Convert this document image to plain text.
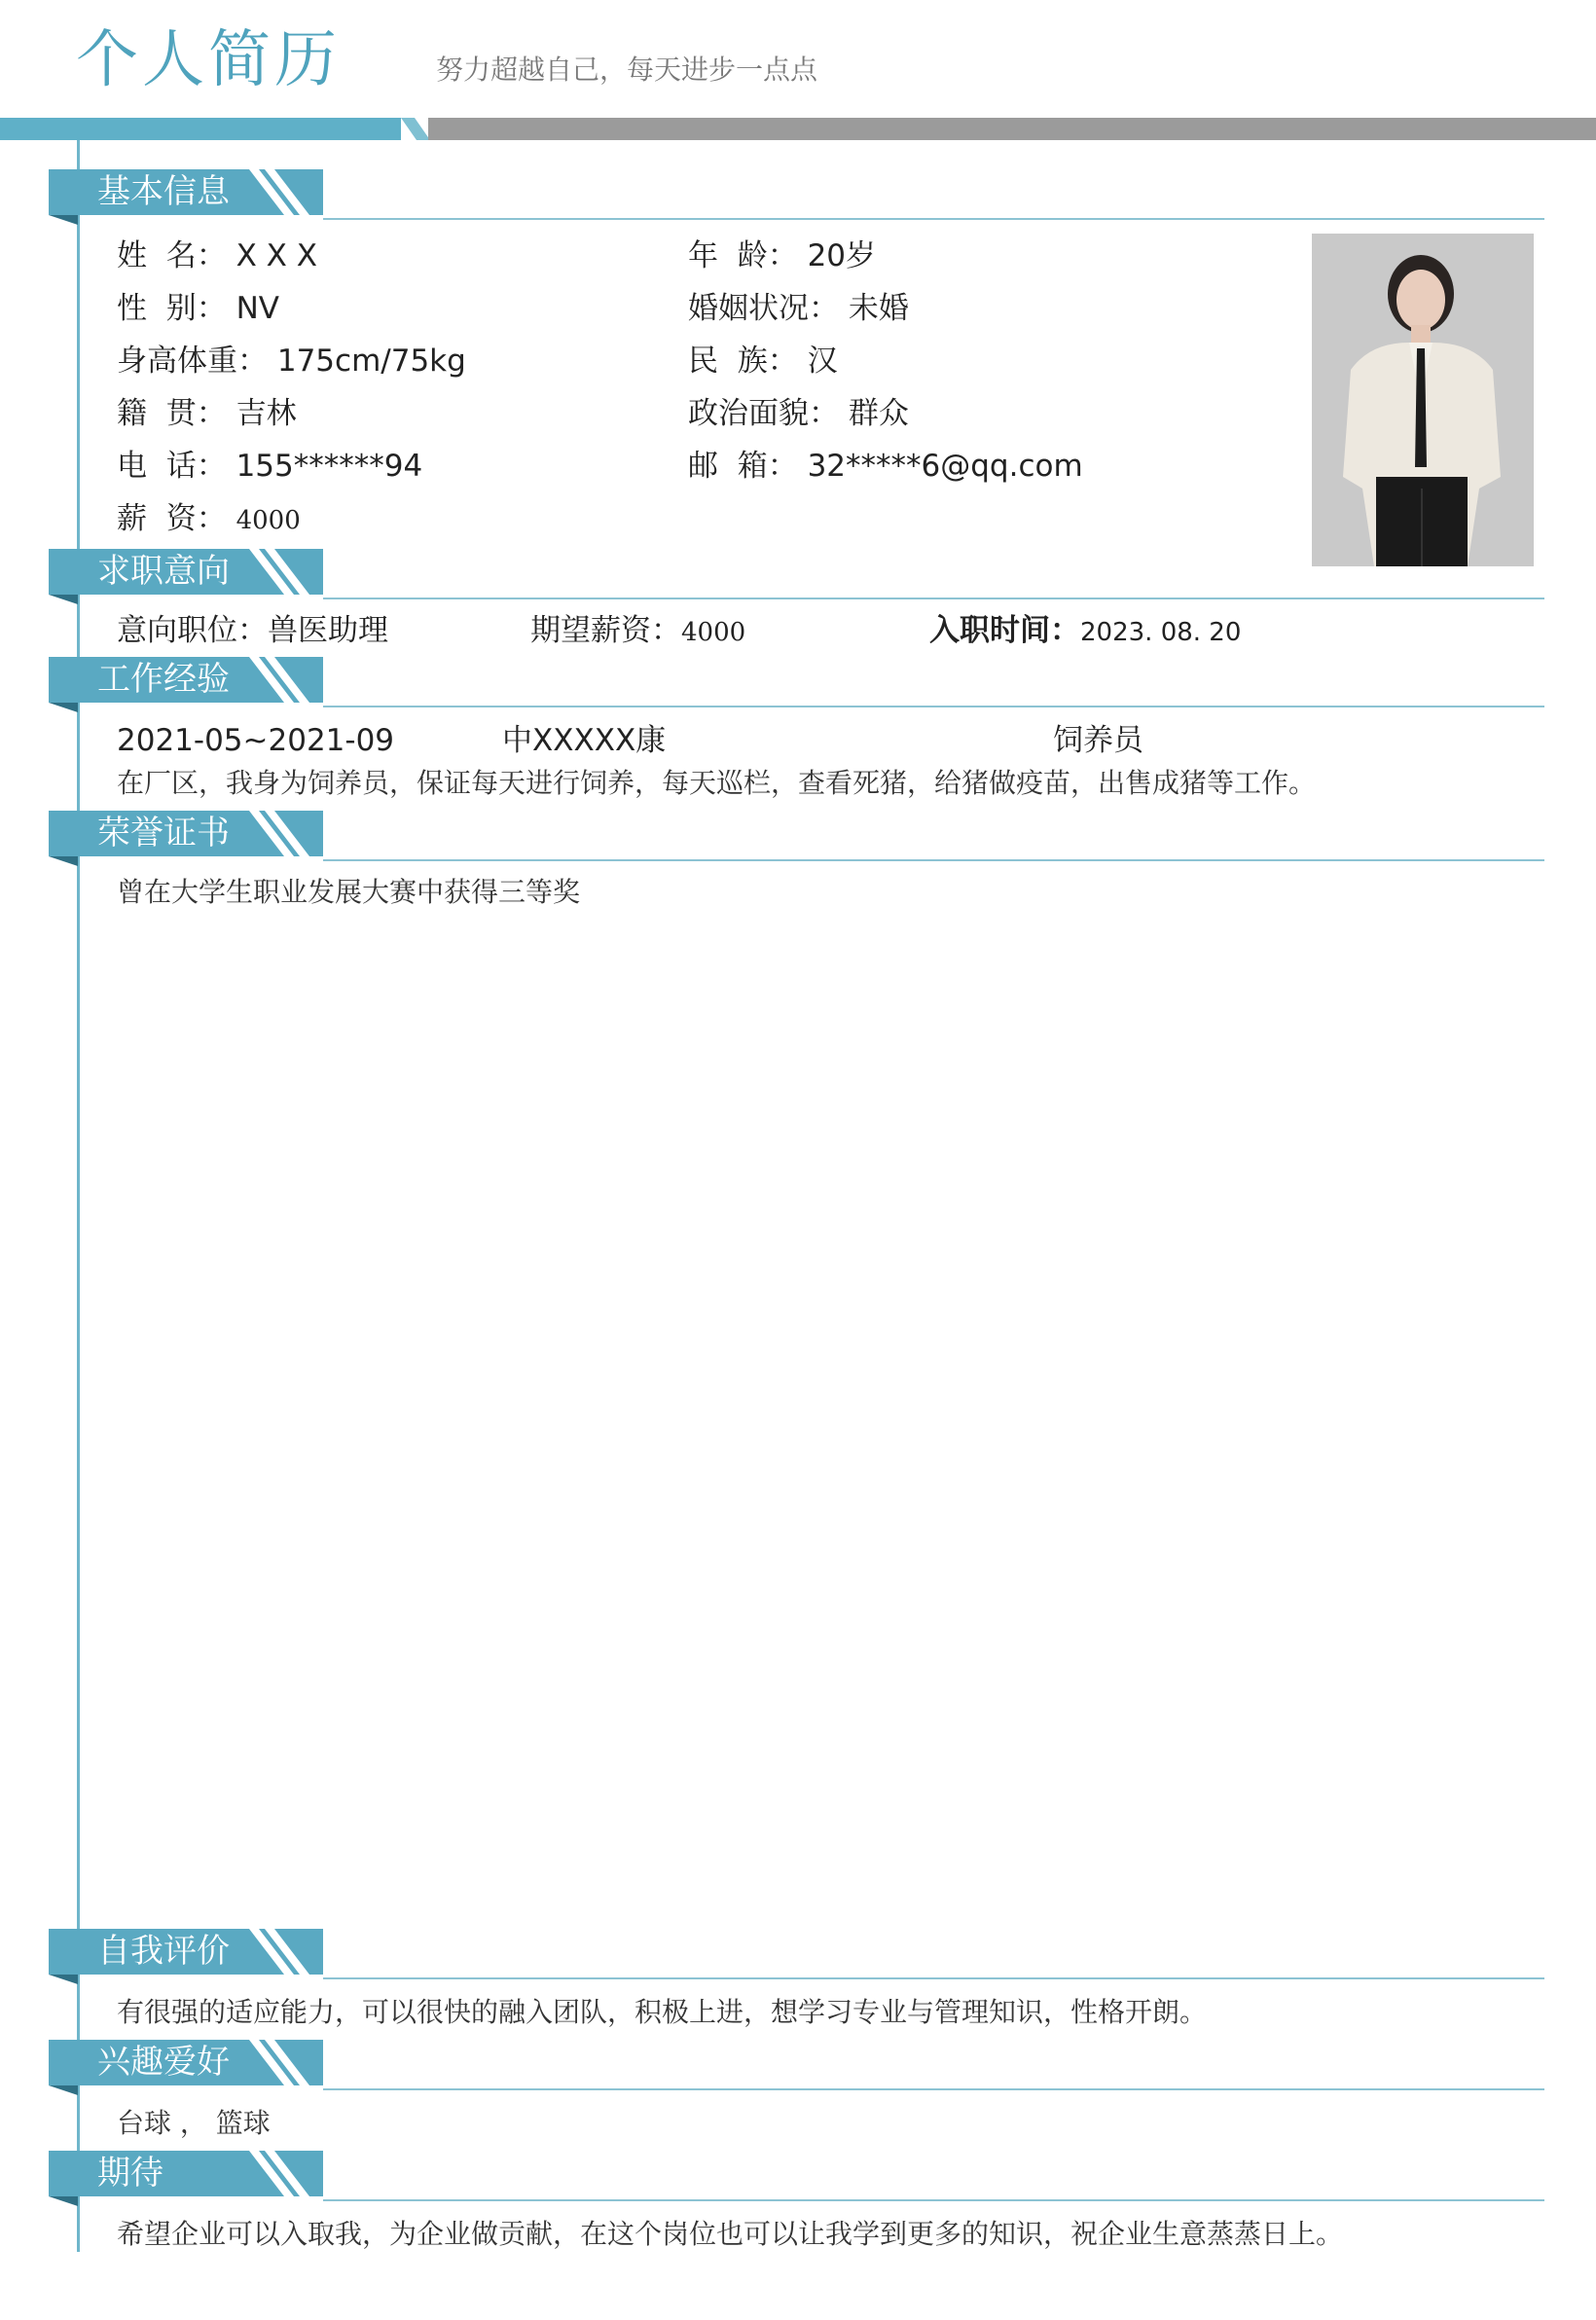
个人简历	努力超越自己，每天进步一点点
基本信息
姓  名： X X X	年  龄： 20岁
性  别： NV	婚姻状况： 未婚
身高体重： 175cm/75kg	民  族： 汉
籍  贯： 吉林	政治面貌： 群众
电  话： 155******94	邮  箱： 32*****6@qq.com
薪  资： 4000
求职意向
意向职位：兽医助理	期望薪资：4000	入职时间：2023. 08. 20
工作经验
2021-05~2021-09	中XXXXX康	饲养员
在厂区，我身为饲养员，保证每天进行饲养，每天巡栏，查看死猪，给猪做疫苗，出售成猪等工作。
荣誉证书
曾在大学生职业发展大赛中获得三等奖
自我评价
有很强的适应能力，可以很快的融入团队，积极上进，想学习专业与管理知识，性格开朗。
兴趣爱好
台球 ， 篮球
期待
希望企业可以入取我，为企业做贡献，在这个岗位也可以让我学到更多的知识，祝企业生意蒸蒸日上。
